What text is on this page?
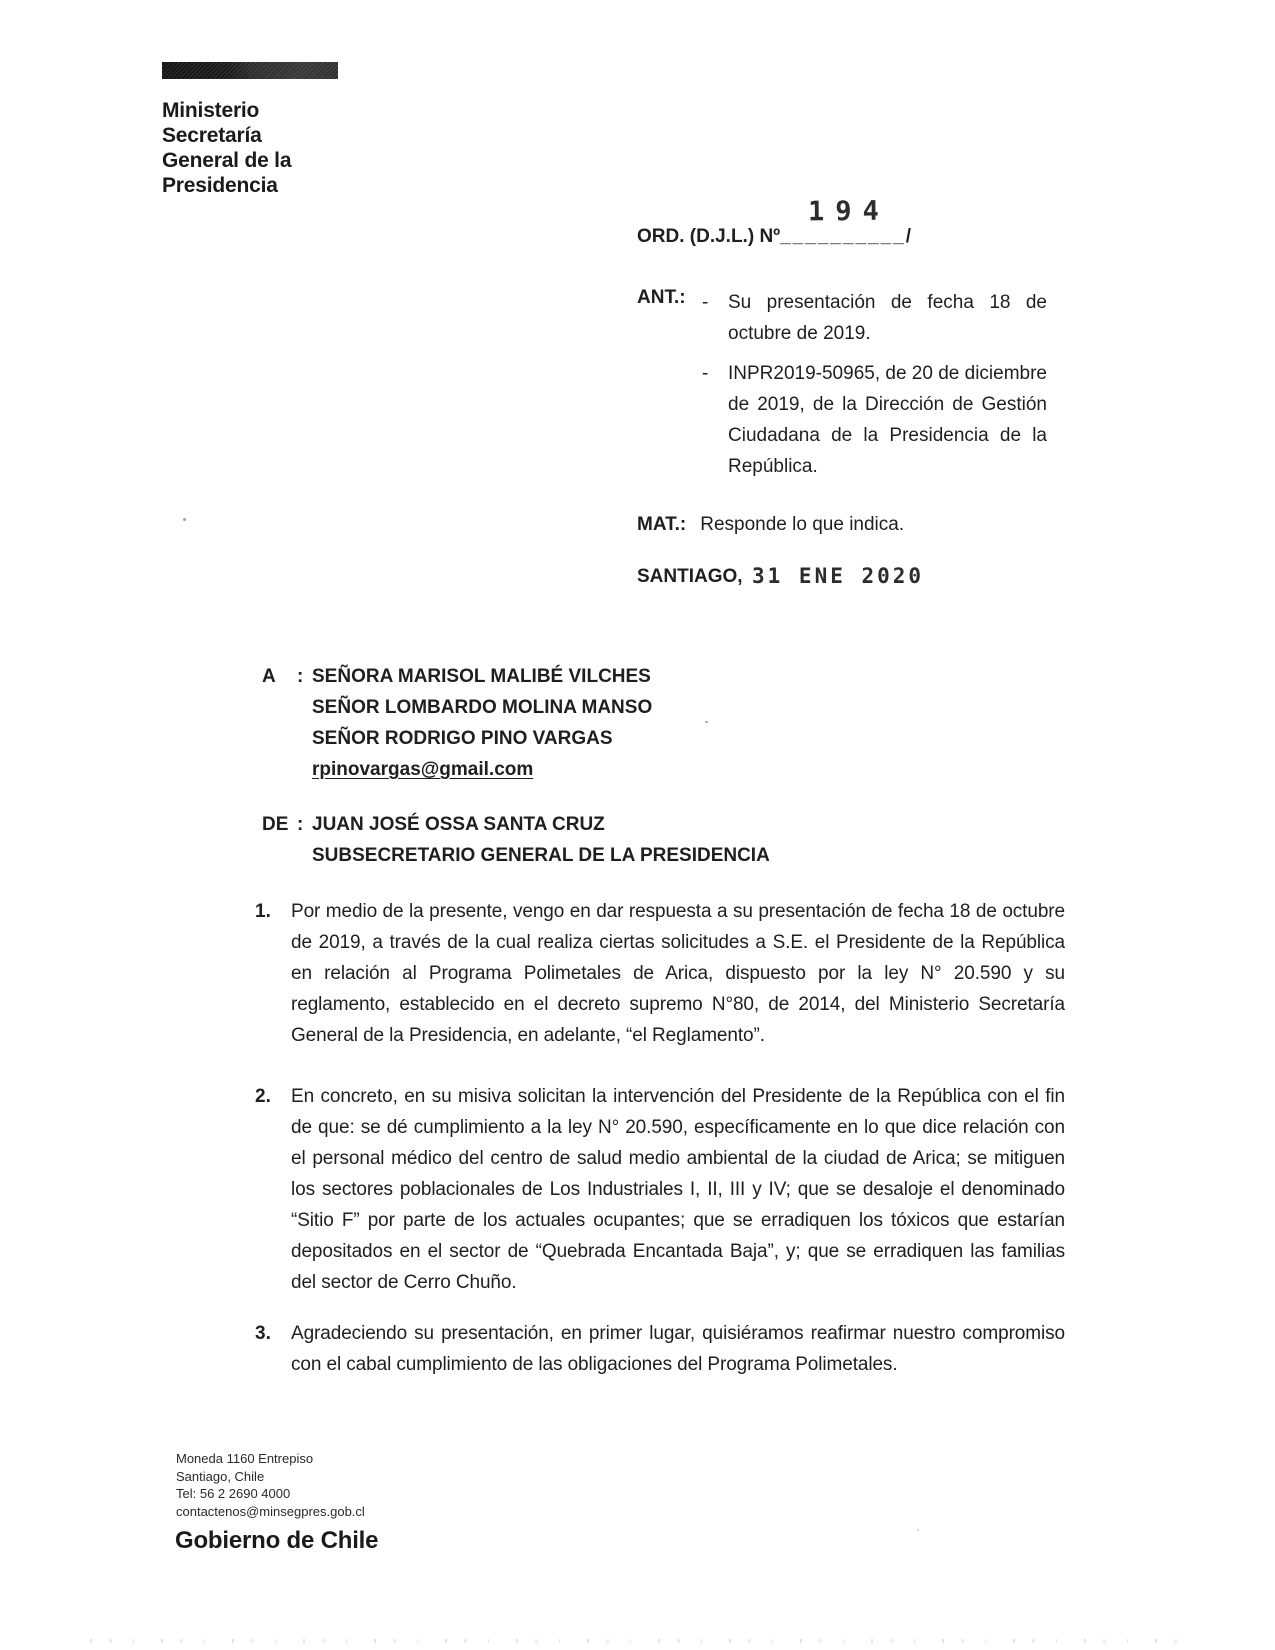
Ministerio
Secretaría
General de la
Presidencia
ORD. (D.J.L.) Nº__________/
194
ANT.: -	Su presentación de fecha 18 de octubre de 2019.
-	INPR2019-50965, de 20 de diciembre de 2019, de la Dirección de Gestión Ciudadana de la Presidencia de la República.
MAT.: Responde lo que indica.
SANTIAGO, 31 ENE 2020
A	: SEÑORA MARISOL MALIBÉ VILCHES
SEÑOR LOMBARDO MOLINA MANSO
SEÑOR RODRIGO PINO VARGAS
rpinovargas@gmail.com
DE : JUAN JOSÉ OSSA SANTA CRUZ
SUBSECRETARIO GENERAL DE LA PRESIDENCIA
1.	Por medio de la presente, vengo en dar respuesta a su presentación de fecha 18 de octubre de 2019, a través de la cual realiza ciertas solicitudes a S.E. el Presidente de la República en relación al Programa Polimetales de Arica, dispuesto por la ley N° 20.590 y su reglamento, establecido en el decreto supremo N°80, de 2014, del Ministerio Secretaría General de la Presidencia, en adelante, “el Reglamento”.
2.	En concreto, en su misiva solicitan la intervención del Presidente de la República con el fin de que: se dé cumplimiento a la ley N° 20.590, específicamente en lo que dice relación con el personal médico del centro de salud medio ambiental de la ciudad de Arica; se mitiguen los sectores poblacionales de Los Industriales I, II, III y IV; que se desaloje el denominado “Sitio F” por parte de los actuales ocupantes; que se erradiquen los tóxicos que estarían depositados en el sector de “Quebrada Encantada Baja”, y; que se erradiquen las familias del sector de Cerro Chuño.
3.	Agradeciendo su presentación, en primer lugar, quisiéramos reafirmar nuestro compromiso con el cabal cumplimiento de las obligaciones del Programa Polimetales.
Moneda 1160 Entrepiso
Santiago, Chile
Tel: 56 2 2690 4000
contactenos@minsegpres.gob.cl
Gobierno de Chile
